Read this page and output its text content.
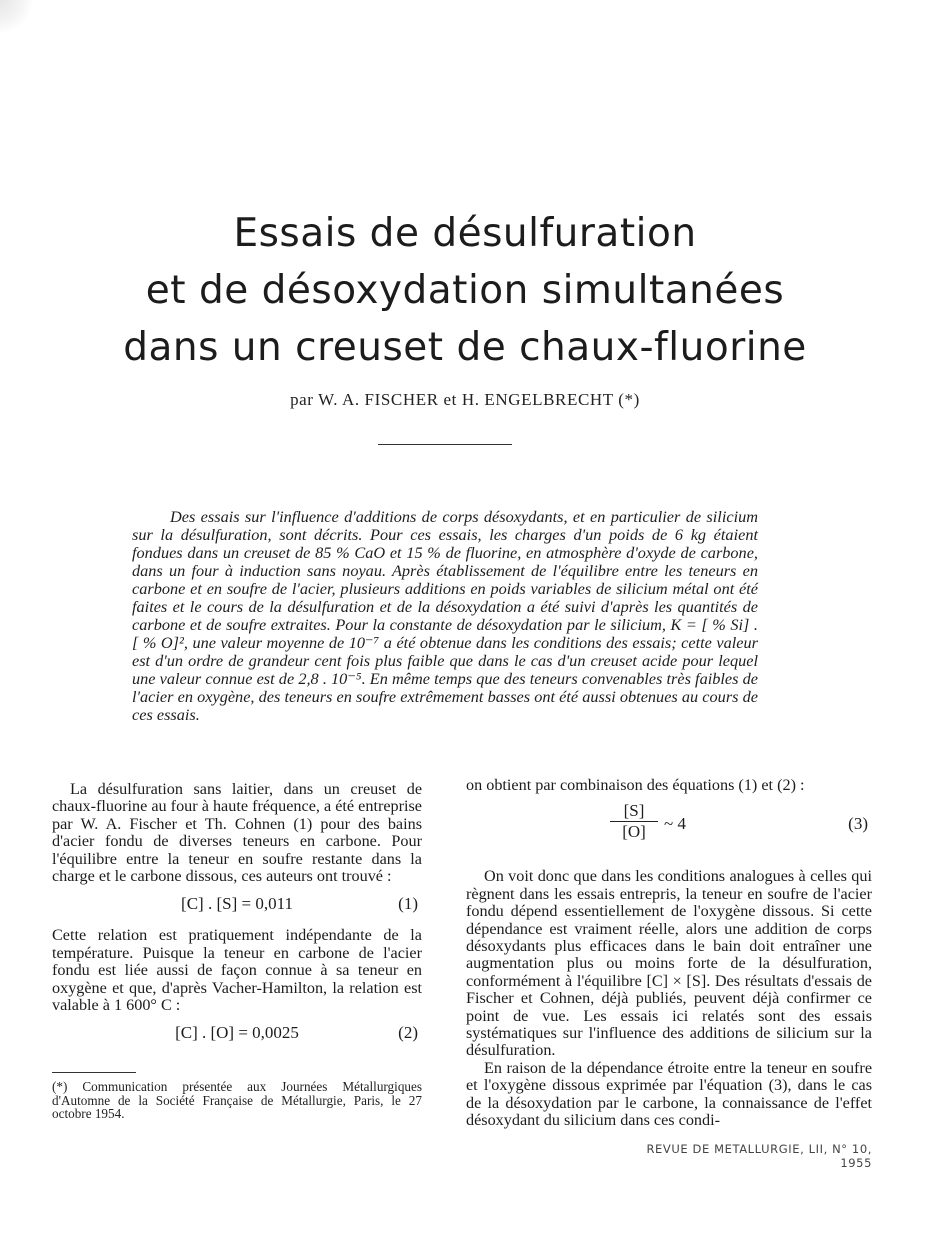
Essais de désulfuration
et de désoxydation simultanées
dans un creuset de chaux-fluorine
par W. A. FISCHER et H. ENGELBRECHT (*)
Des essais sur l'influence d'additions de corps désoxydants, et en particulier de silicium sur la désulfuration, sont décrits. Pour ces essais, les charges d'un poids de 6 kg étaient fondues dans un creuset de 85 % CaO et 15 % de fluorine, en atmosphère d'oxyde de carbone, dans un four à induction sans noyau. Après établissement de l'équilibre entre les teneurs en carbone et en soufre de l'acier, plusieurs additions en poids variables de silicium métal ont été faites et le cours de la désulfuration et de la désoxydation a été suivi d'après les quantités de carbone et de soufre extraites. Pour la constante de désoxydation par le silicium, K = [ % Si] . [ % O]², une valeur moyenne de 10⁻⁷ a été obtenue dans les conditions des essais; cette valeur est d'un ordre de grandeur cent fois plus faible que dans le cas d'un creuset acide pour lequel une valeur connue est de 2,8 . 10⁻⁵. En même temps que des teneurs convenables très faibles de l'acier en oxygène, des teneurs en soufre extrêmement basses ont été aussi obtenues au cours de ces essais.

La désulfuration sans laitier, dans un creuset de chaux-fluorine au four à haute fréquence, a été entreprise par W. A. Fischer et Th. Cohnen (1) pour des bains d'acier fondu de diverses teneurs en carbone. Pour l'équilibre entre la teneur en soufre restante dans la charge et le carbone dissous, ces auteurs ont trouvé :

[C] . [S] = 0,011	(1)

Cette relation est pratiquement indépendante de la température. Puisque la teneur en carbone de l'acier fondu est liée aussi de façon connue à sa teneur en oxygène et que, d'après Vacher-Hamilton, la relation est valable à 1 600° C :

[C] . [O] = 0,0025	(2)
(*) Communication présentée aux Journées Métallurgiques d'Automne de la Société Française de Métallurgie, Paris, le 27 octobre 1954.

on obtient par combinaison des équations (1) et (2) :

$\frac{[S]}{[O]}$ ~ 4	(3)

On voit donc que dans les conditions analogues à celles qui règnent dans les essais entrepris, la teneur en soufre de l'acier fondu dépend essentiellement de l'oxygène dissous. Si cette dépendance est vraiment réelle, alors une addition de corps désoxydants plus efficaces dans le bain doit entraîner une augmentation plus ou moins forte de la désulfuration, conformément à l'équilibre [C] × [S]. Des résultats d'essais de Fischer et Cohnen, déjà publiés, peuvent déjà confirmer ce point de vue. Les essais ici relatés sont des essais systématiques sur l'influence des additions de silicium sur la désulfuration.

En raison de la dépendance étroite entre la teneur en soufre et l'oxygène dissous exprimée par l'équation (3), dans le cas de la désoxydation par le carbone, la connaissance de l'effet désoxydant du silicium dans ces condi-

REVUE DE METALLURGIE, LII, N° 10, 1955
